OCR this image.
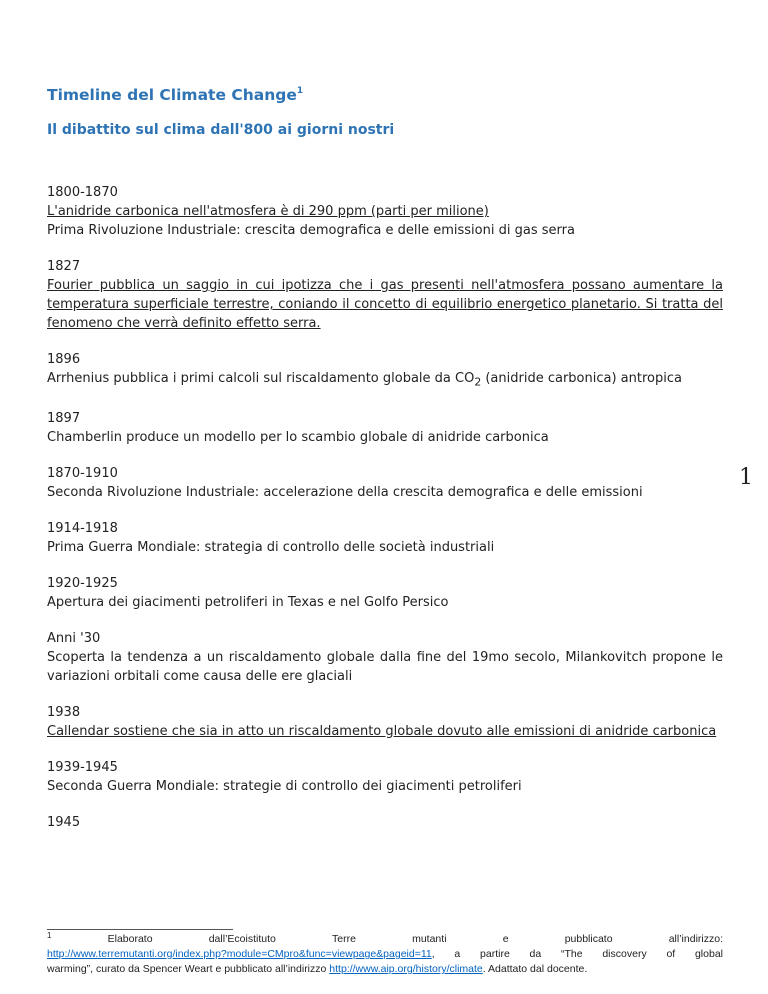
Timeline del Climate Change$^1$
Il dibattito sul clima dall'800 ai giorni nostri
1800-1870
L'anidride carbonica nell'atmosfera è di 290 ppm (parti per milione)
Prima Rivoluzione Industriale: crescita demografica e delle emissioni di gas serra
1827
Fourier pubblica un saggio in cui ipotizza che i gas presenti nell'atmosfera possano aumentare la temperatura superficiale terrestre, coniando il concetto di equilibrio energetico planetario. Si tratta del fenomeno che verrà definito effetto serra.
1896
Arrhenius pubblica i primi calcoli sul riscaldamento globale da $CO_2$ (anidride carbonica) antropica
1897
Chamberlin produce un modello per lo scambio globale di anidride carbonica
1870-1910
Seconda Rivoluzione Industriale: accelerazione della crescita demografica e delle emissioni
1914-1918
Prima Guerra Mondiale: strategia di controllo delle società industriali
1920-1925
Apertura dei giacimenti petroliferi in Texas e nel Golfo Persico
Anni '30
Scoperta la tendenza a un riscaldamento globale dalla fine del 19mo secolo, Milankovitch propone le variazioni orbitali come causa delle ere glaciali
1938
Callendar sostiene che sia in atto un riscaldamento globale dovuto alle emissioni di anidride carbonica
1939-1945
Seconda Guerra Mondiale: strategie di controllo dei giacimenti petroliferi
1945
1
1	Elaborato	dall’Ecoistituto	Terre	mutanti	e	pubblicato	all’indirizzo:
http://www.terremutanti.org/index.php?module=CMpro&func=viewpage&pageid=11, a partire da “The discovery of global
warming”, curato da Spencer Weart e pubblicato all’indirizzo http://www.aip.org/history/climate. Adattato dal docente.
